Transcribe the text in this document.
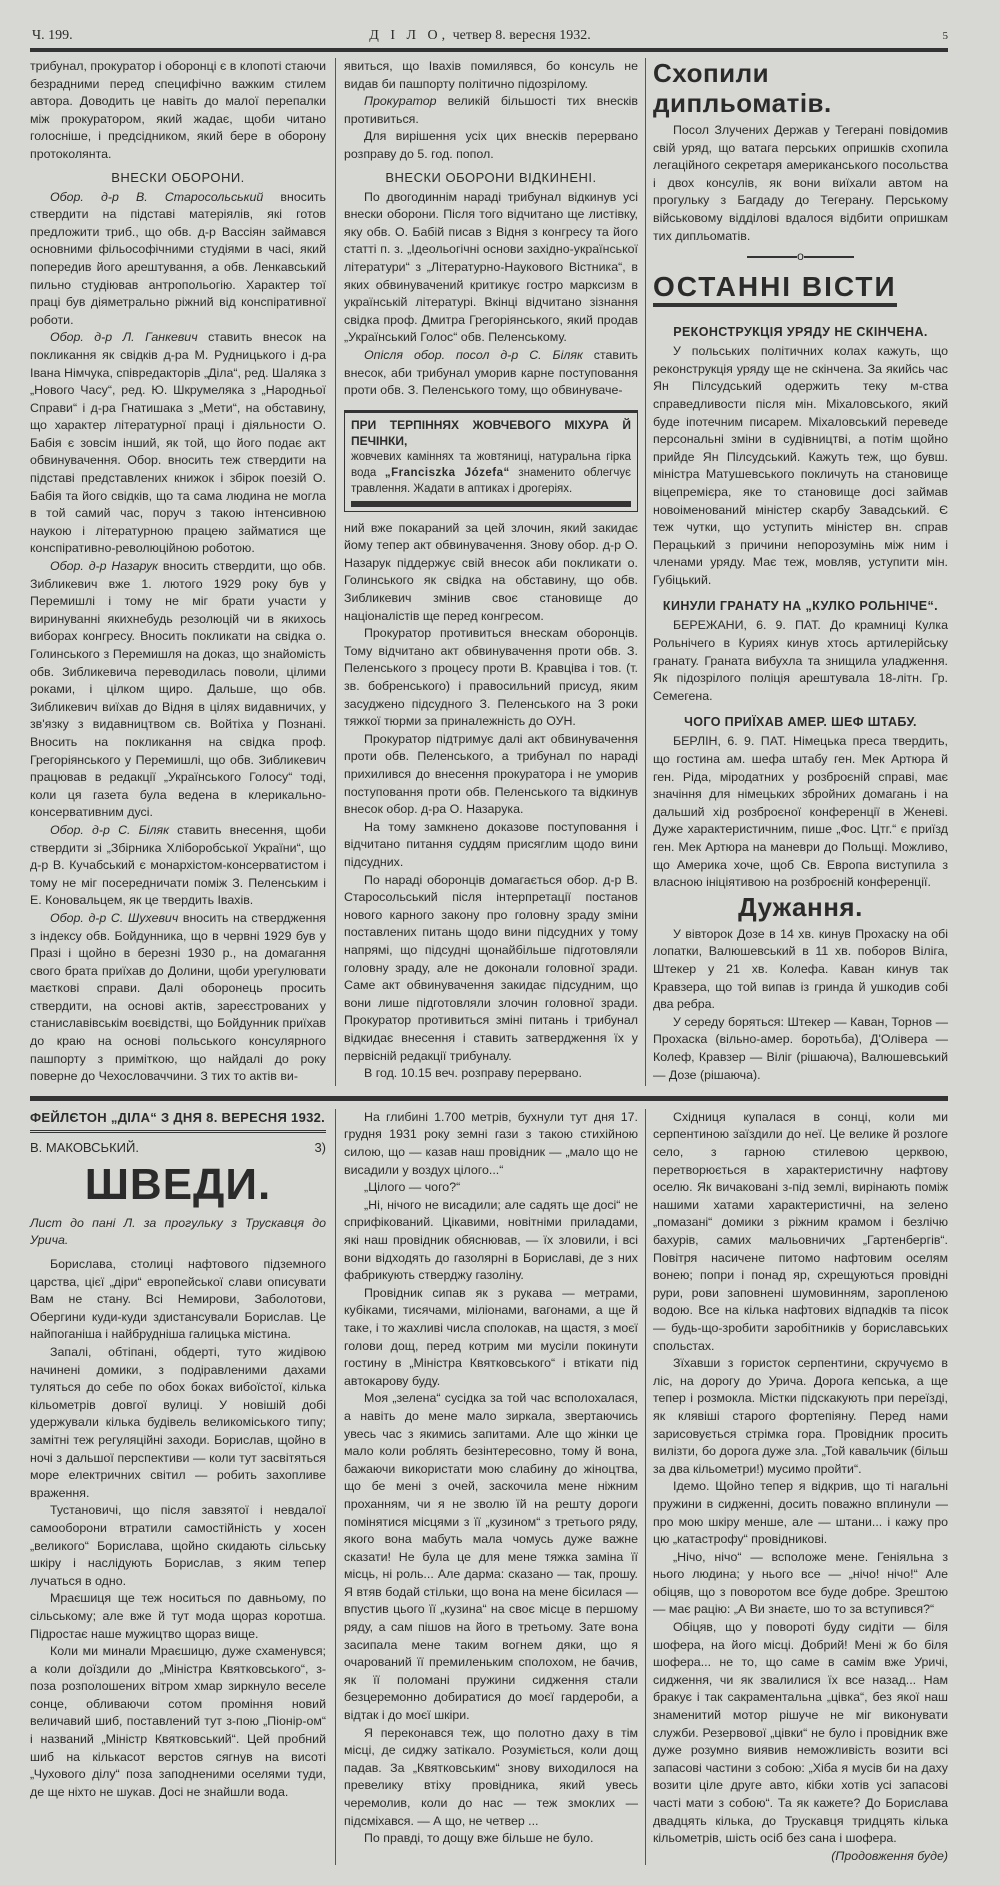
Ч. 199.	Д І Л О, четвер 8. вересня 1932.	5

трибунал, прокуратор і оборонці є в клопоті стаючи безрадними перед специфічно важким стилем автора. Доводить це навіть до малої перепалки між прокуратором, який жадає, щоби читано голосніше, і предсідником, який бере в оборону протоколянта.

ВНЕСКИ ОБОРОНИ.

Обор. д-р В. Старосольський вносить ствердити на підставі матеріялів, які готов предложити триб., що обв. д-р Вассіян займався основними фільософічними студіями в часі, який попередив його арештування, а обв. Ленкавський пильно студіював антропольогію. Характер тої праці був діяметрально ріжний від конспіративної роботи.

Обор. д-р Л. Ганкевич ставить внесок на покликання як свідків д-ра М. Рудницького і д-ра Івана Німчука, співредакторів „Діла“, ред. Шаляка з „Нового Часу“, ред. Ю. Шкрумеляка з „Народньої Справи“ і д-ра Гнатишака з „Мети“, на обставину, що характер літературної праці і діяльности О. Бабія є зовсім інший, як той, що його подає акт обвинувачення. Обор. вносить теж ствердити на підставі представлених книжок і збірок поезій О. Бабія та його свідків, що та сама людина не могла в той самий час, поруч з такою інтенсивною наукою і літературною працею займатися ще конспіративно-революційною роботою.

Обор. д-р Назарук вносить ствердити, що обв. Зибликевич вже 1. лютого 1929 року був у Перемишлі і тому не міг брати участи у виринуванні якихнебудь резолюцій чи в якихось виборах конгресу. Вносить покликати на свідка о. Голинського з Перемишля на доказ, що знайомість обв. Зибликевича переводилась поволи, цілими роками, і цілком щиро. Дальше, що обв. Зибликевич виїхав до Відня в цілях видавничих, у зв'язку з видавництвом св. Войтіха у Познані. Вносить на покликання на свідка проф. Грегоріянського у Перемишлі, що обв. Зибликевич працював в редакції „Українського Голосу“ тоді, коли ця газета була ведена в клерикально-консервативним дусі.

Обор. д-р С. Біляк ставить внесення, щоби ствердити зі „Збірника Хліборобської України“, що д-р В. Кучабський є монархістом-консерватистом і тому не міг посередничати поміж З. Пеленським і Е. Коновальцем, як це твердить Івахів.

Обор. д-р С. Шухевич вносить на ствердження з індексу обв. Бойдунника, що в червні 1929 був у Празі і щойно в березні 1930 р., на домагання свого брата приїхав до Долини, щоби урегулювати маєткові справи. Далі оборонець просить ствердити, на основі актів, зареєстрованих у станиславівськім воєвідстві, що Бойдунник приїхав до краю на основі польського консулярного пашпорту з приміткою, що найдалі до року поверне до Чехословаччини. З тих то актів ви-

явиться, що Івахів помилявся, бо консуль не видав би пашпорту політично підозрілому.

Прокуратор великій більшості тих внесків противиться.

Для вирішення усіх цих внесків перервано розправу до 5. год. попол.

ВНЕСКИ ОБОРОНИ ВІДКИНЕНІ.

По двогодиннім нараді трибунал відкинув усі внески оборони. Після того відчитано ще листівку, яку обв. О. Бабій писав з Відня з конгресу та його статті п. з. „Ідеольогічні основи західно-української літератури“ з „Літературно-Наукового Вістника“, в яких обвинувачений критикує гостро марксизм в українській літературі. Вкінці відчитано зізнання свідка проф. Дмитра Грегоріянського, який продав „Український Голос“ обв. Пеленському.

Опісля обор. посол д-р С. Біляк ставить внесок, аби трибунал уморив карне поступовання проти обв. З. Пеленського тому, що обвинуваче-

ПРИ ТЕРПІННЯХ ЖОВЧЕВОГО МІХУРА Й ПЕЧІНКИ,

жовчевих каміннях та жовтяниці, натуральна гірка вода „Franciszka Józefa“ знаменито облегчує травлення. Жадати в аптиках і дрогеріях.

ний вже покараний за цей злочин, який закидає йому тепер акт обвинувачення. Знову обор. д-р О. Назарук піддержує свій внесок аби покликати о. Голинського як свідка на обставину, що обв. Зибликевич змінив своє становище до націоналістів ще перед конгресом.

Прокуратор противиться внескам оборонців. Тому відчитано акт обвинувачення проти обв. З. Пеленського з процесу проти В. Кравціва і тов. (т. зв. бобренського) і правосильний присуд, яким засуджено підсудного З. Пеленського на 3 роки тяжкої тюрми за приналежність до ОУН.

Прокуратор підтримує далі акт обвинувачення проти обв. Пеленського, а трибунал по нараді прихилився до внесення прокуратора і не уморив поступовання проти обв. Пеленського та відкинув внесок обор. д-ра О. Назарука.

На тому замкнено доказове поступовання і відчитано питання суддям присяглим щодо вини підсудних.

По нараді оборонців домагається обор. д-р В. Старосольський після інтерпретації постанов нового карного закону про головну зраду зміни поставлених питань щодо вини підсудних у тому напрямі, що підсудні щонайбільше підготовляли головну зраду, але не доконали головної зради. Саме акт обвинувачення закидає підсудним, що вони лише підготовляли злочин головної зради. Прокуратор противиться зміні питань і трибунал відкидає внесення і ставить затвердження їх у первісній редакції трибуналу.

В год. 10.15 веч. розправу перервано.

Схопили дипльоматів.

Посол Злучених Держав у Тегерані повідомив свій уряд, що ватага перських опришків схопила легаційного секретаря американського посольства і двох консулів, як вони виїхали автом на прогульку з Багдаду до Тегерану. Перському військовому відділові вдалося відбити опришкам тих дипльоматів.

o
ОСТАННІ ВІСТИ
РЕКОНСТРУКЦІЯ УРЯДУ НЕ СКІНЧЕНА.

У польських політичних колах кажуть, що реконструкція уряду ще не скінчена. За якийсь час Ян Пілсудський одержить теку м-ства справедливости після мін. Міхаловського, який буде іпотечним писарем. Міхаловський переведе персональні зміни в судівництві, а потім щойно прийде Ян Пілсудський. Кажуть теж, що бувш. міністра Матушевського покличуть на становище віцепремієра, яке то становище досі займав новоіменований міністер скарбу Завадський. Є теж чутки, що уступить міністер вн. справ Перацький з причини непорозумінь між ним і членами уряду. Має теж, мовляв, уступити мін. Губіцький.

КИНУЛИ ГРАНАТУ НА „КУЛКО РОЛЬНІЧЕ“.

БЕРЕЖАНИ, 6. 9. ПАТ. До крамниці Кулка Рольнічего в Куриях кинув хтось артилерійську гранату. Граната вибухла та знищила уладження. Як підозрілого поліція арештувала 18-літн. Гр. Семегена.

ЧОГО ПРИЇХАВ АМЕР. ШЕФ ШТАБУ.

БЕРЛІН, 6. 9. ПАТ. Німецька преса твердить, що гостина ам. шефа штабу ген. Мек Артюра й ген. Ріда, міродатних у розброєній справі, має значіння для німецьких збройних домагань і на дальший хід розброєної конференції в Женеві. Дуже характеристичним, пише „Фос. Цтг.“ є приїзд ген. Мек Артюра на маневри до Польщі. Можливо, що Америка хоче, щоб Св. Европа виступила з власною ініціятивою на розброєній конференції.

Дужання.

У вівторок Дозе в 14 хв. кинув Прохаску на обі лопатки, Валюшевський в 11 хв. поборов Віліга, Штекер у 21 хв. Колефа. Каван кинув так Кравзера, що той випав із гринда й ушкодив собі два ребра.

У середу боряться: Штекер — Каван, Торнов — Прохаска (вільно-амер. боротьба), Д'Олівера — Колеф, Кравзер — Віліг (рішаюча), Валюшевський — Дозе (рішаюча).

ФЕЙЛЄТОН „ДІЛА“ З ДНЯ 8. ВЕРЕСНЯ 1932.

В. МАКОВСЬКИЙ.	3)

ШВЕДИ.

Лист до пані Л. за прогульку з Трускавця до Урича.

Борислава, столиці нафтового підземного царства, цієї „діри“ европейської слави описувати Вам не стану. Всі Немирови, Заболотови, Обергини куди-куди здистансували Борислав. Це найпоганіша і найбрудніша галицька містина.

Запалі, обтіпані, обдерті, тутo жидівою начинені домики, з подіравленими дахами туляться до себе по обох боках вибоїстої, кілька кільометрів довгої вулиці. У новішій добі удержували кілька будівель великоміського типу; замітні теж регуляційні заходи. Борислав, щойно в ночі з дальшої перспективи — коли тут засвітяться море електричних світил — робить захопливе враження.

Тустановичі, що після завзятої і невдалої самооборони втратили самостійність у хосен „великого“ Борислава, щойно скидають сільську шкіру і наслідують Борислав, з яким тепер лучаться в одно.

Мраєшиця ще теж носиться по давньому, по сільському; але вже й тут мода щораз коротша. Підростає наше мужицтво щораз вище.

Коли ми минали Мраєшицю, дуже схаменувся; а коли доїздили до „Міністра Квятковського“, з-поза розполошених вітром хмар зиркнуло веселе сонце, обливаючи сотом проміння новий величавий шиб, поставлений тут з-пою „Піонір-ом“ і названий „Міністр Квятковський“. Цей пробний шиб на кількасот верстов сягнув на висоті „Чухового ділу“ поза заподненими оселями туди, де ще ніхто не шукав. Досі не знайшли вода.

На глибині 1.700 метрів, бухнули тут дня 17. грудня 1931 року земні гази з такою стихійною силою, що — казав наш провідник — „мало що не висадили у воздух цілого...“

„Цілого — чого?“

„Ні, нічого не висадили; але садять ще досі“ не сприфікований. Цікавими, новітніми приладами, які наш провідник обяснював, — їх зловили, і всі вони відходять до газолярні в Бориславі, де з них фабрикують стверджу газоліну.

Провідник сипав як з рукава — метрами, кубіками, тисячами, міліонами, вагонами, а ще й таке, і то жахливі числа сполокав, на щастя, з моєї голови дощ, перед котрим ми мусіли покинути гостину в „Міністра Квятковського“ і втікати під автокарову буду.

Моя „зелена“ сусідка за той час всполохалася, а навіть до мене мало зиркала, звертаючись увесь час з якимись запитами. Але що жінки це мало коли роблять безінтересовно, тому й вона, бажаючи використати мою слабину до жіноцтва, що бе мені з очей, заскочила мене ніжним проханням, чи я не зволю їй на решту дороги помінятися місцями з її „кузином“ з третього ряду, якого вона мабуть мала чомусь дуже важне сказати! Не була це для мене тяжка заміна її місць, ні роль... Але дарма: сказано — так, прошу. Я втяв бодай стільки, що вона на мене бісилася — впустив цього її „кузина“ на своє місце в першому ряду, а сам пішов на його в третьому. Зате вона засипала мене таким вогнем дяки, що я очарований її премиленьким сполохом, не бачив, як її поломані пружини сидження стали безцеремонно добиратися до моєї гардероби, а відтак і до моєї шкіри.

Я переконався теж, що полотно даху в тім місці, де сиджу затікало. Розуміється, коли дощ падав. За „Квятковським“ знову виходилося на превелику втіху провідника, який увесь черемолив, коли до нас — теж змоклих — підсміхався. — А що, не четвер ...

По правді, то дощу вже більше не було.

Східниця купалася в сонці, коли ми серпентиною заїздили до неї. Це велике й розлоге село, з гарною стилевою церквою, перетворюється в характеристичну нафтову оселю. Як вичаковані з-під землі, вирінають поміж нашими хатами характеристичні, на зелено „помазані“ домики з ріжним крамом і безлічю бахурів, самих мальовничих „Гартенбергів“. Повітря насичене питомо нафтовим оселям вонею; попри і понад яр, схрещуються провідні рури, рови заповнені шумовинням, заропленою водою. Все на кілька нафтових відпадків та пісок — будь-що-зробити заробітників у бориславських спольстах.

Зїхавши з гористок серпентини, скручуємо в ліс, на дорогу до Урича. Дорога кепська, а ще тепер і розмокла. Містки підскакують при переїзді, як клявіші старого фортепіяну. Перед нами зарисовується стрімка гора. Провідник просить вилізти, бо дорога дуже зла. „Той кавальчик (більш за два кільометри!) мусимо пройти“.

Ідемо. Щойно тепер я відкрив, що ті нагальні пружини в сидженні, досить поважно вплинули — про мою шкіру менше, але — штани... і кажу про цю „катастрофу“ провідникові.

„Нічо, нічо“ — всположе мене. Геніяльна з нього людина; у нього все — „нічо! нічо!“ Але обіцяв, що з поворотом все буде добре. Зрештою — має рацію: „А Ви знаєте, шо то за вступився?“

Обіцяв, що у повороті буду сидіти — біля шофера, на його місці. Добрий! Мені ж бо біля шофера... не то, що саме в самім вже Уричі, сидження, чи як звалилися їх все назад... Нам бракує і так сакраментальна „цівка“, без якої наш знаменитий мотор рішуче не міг виконувати служби. Резервової „цівки“ не було і провідник вже дуже розумно виявив неможливість возити всі запасові частини з собою: „Хіба я мусів би на даху возити ціле друге авто, кібки хотів усі запасові часті мати з собою“. Та як кажете? До Борислава двадцять кілька, до Трускавця тридцять кілька кільометрів, шість осіб без сана і шофера.

(Продовження буде)
